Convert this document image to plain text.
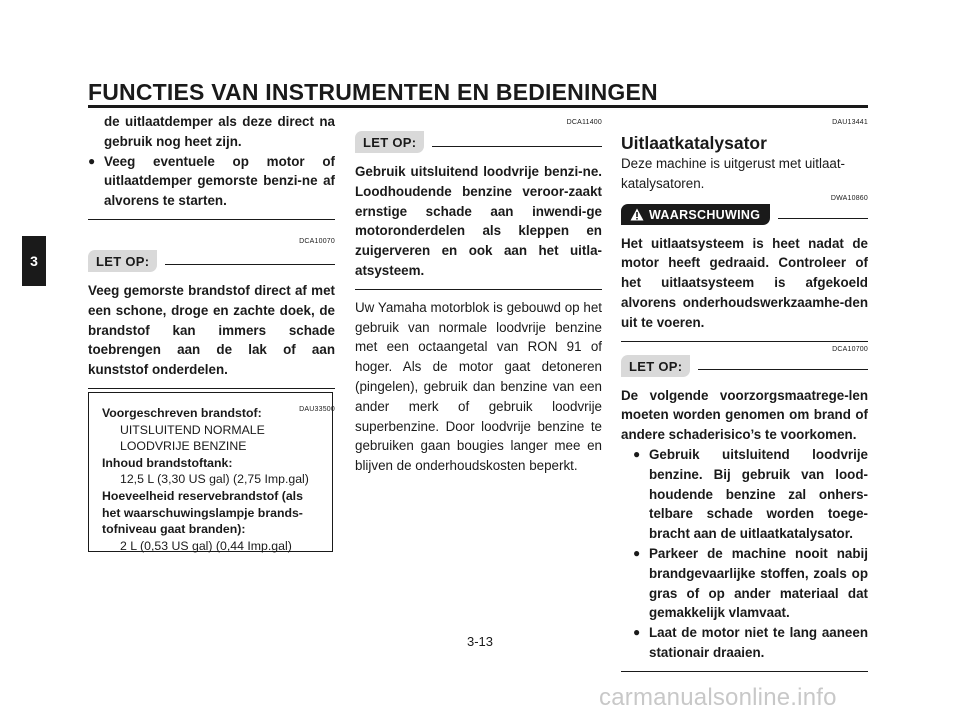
FUNCTIES VAN INSTRUMENTEN EN BEDIENINGEN
3

de uitlaatdemper als deze direct na gebruik nog heet zijn.

● Veeg eventuele op motor of uitlaatdemper gemorste benzi-ne af alvorens te starten.

DCA10070

LET OP:

Veeg gemorste brandstof direct af met een schone, droge en zachte doek, de brandstof kan immers schade toebrengen aan de lak of aan kunststof onderdelen.

DAU33500

Voorgeschreven brandstof:
UITSLUITEND NORMALE
LOODVRIJE BENZINE
Inhoud brandstoftank:
12,5 L (3,30 US gal) (2,75 Imp.gal)
Hoeveelheid reservebrandstof (als het waarschuwingslampje brands-tofniveau gaat branden):
2 L (0,53 US gal) (0,44 Imp.gal)

DCA11400

LET OP:

Gebruik uitsluitend loodvrije benzi-ne. Loodhoudende benzine veroor-zaakt ernstige schade aan inwendi-ge motoronderdelen als kleppen en zuigerveren en ook aan het uitla-atsysteem.

Uw Yamaha motorblok is gebouwd op het gebruik van normale loodvrije benzine met een octaangetal van RON 91 of hoger. Als de motor gaat detoneren (pingelen), gebruik dan benzine van een ander merk of gebruik loodvrije superbenzine. Door loodvrije benzine te gebruiken gaan bougies langer mee en blijven de onderhoudskosten beperkt.

DAU13441

Uitlaatkatalysator

Deze machine is uitgerust met uitlaat-katalysatoren.

DWA10860

WAARSCHUWING

Het uitlaatsysteem is heet nadat de motor heeft gedraaid. Controleer of het uitlaatsysteem is afgekoeld alvorens onderhoudswerkzaamhe-den uit te voeren.

DCA10700

LET OP:

De volgende voorzorgsmaatrege-len moeten worden genomen om brand of andere schaderisico’s te voorkomen.

● Gebruik uitsluitend loodvrije benzine. Bij gebruik van lood-houdende benzine zal onhers-telbare schade worden toege-bracht aan de uitlaatkatalysator.
● Parkeer de machine nooit nabij brandgevaarlijke stoffen, zoals op gras of op ander materiaal dat gemakkelijk vlamvaat.
● Laat de motor niet te lang aaneen stationair draaien.
3-13
carmanualsonline.info
